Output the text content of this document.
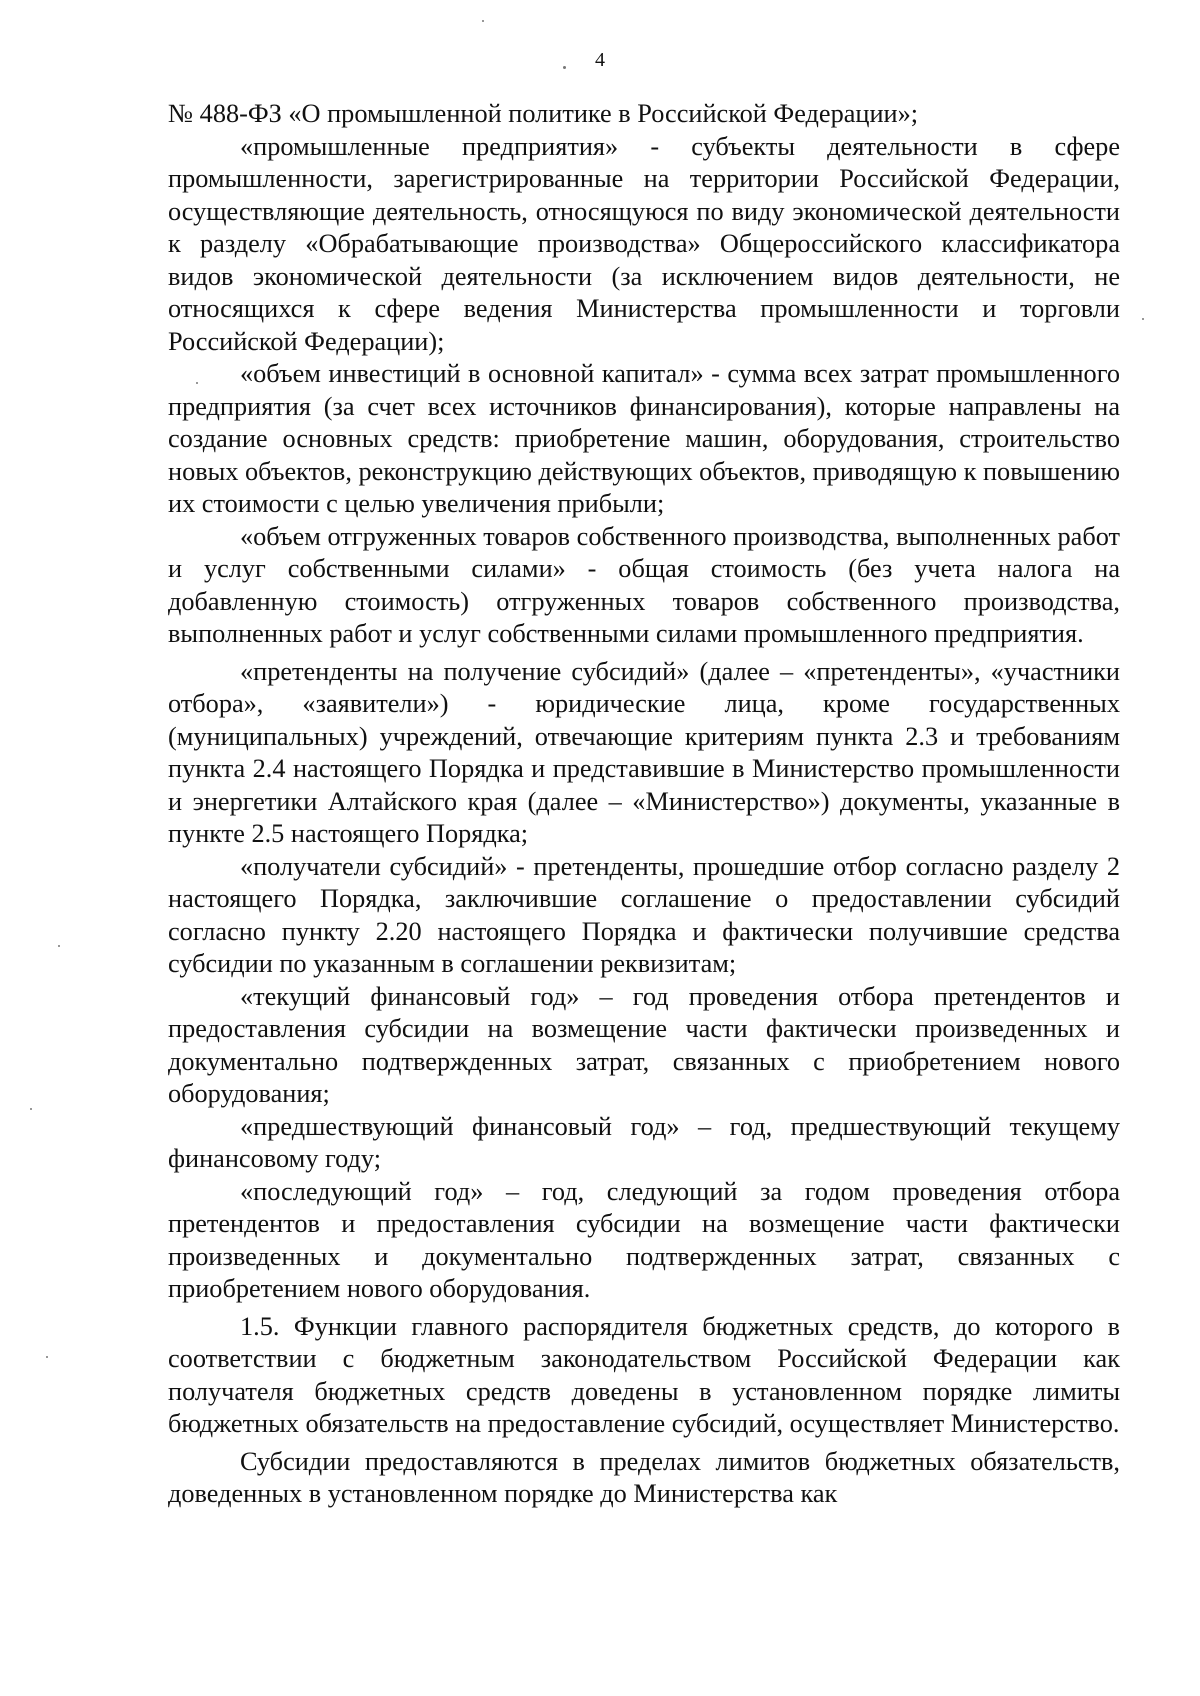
4

№ 488-ФЗ «О промышленной политике в Российской Федерации»;

«промышленные предприятия» - субъекты деятельности в сфере промышленности, зарегистрированные на территории Российской Федерации, осуществляющие деятельность, относящуюся по виду экономической деятельности к разделу «Обрабатывающие производства» Общероссийского классификатора видов экономической деятельности (за исключением видов деятельности, не относящихся к сфере ведения Министерства промышленности и торговли Российской Федерации);

«объем инвестиций в основной капитал» - сумма всех затрат промышленного предприятия (за счет всех источников финансирования), которые направлены на создание основных средств: приобретение машин, оборудования, строительство новых объектов, реконструкцию действующих объектов, приводящую к повышению их стоимости с целью увеличения прибыли;

«объем отгруженных товаров собственного производства, выполненных работ и услуг собственными силами» - общая стоимость (без учета налога на добавленную стоимость) отгруженных товаров собственного производства, выполненных работ и услуг собственными силами промышленного предприятия.

«претенденты на получение субсидий» (далее – «претенденты», «участники отбора», «заявители») - юридические лица, кроме государственных (муниципальных) учреждений, отвечающие критериям пункта 2.3 и требованиям пункта 2.4 настоящего Порядка и представившие в Министерство промышленности и энергетики Алтайского края (далее – «Министерство») документы, указанные в пункте 2.5 настоящего Порядка;

«получатели субсидий» - претенденты, прошедшие отбор согласно разделу 2 настоящего Порядка, заключившие соглашение о предоставлении субсидий согласно пункту 2.20 настоящего Порядка и фактически получившие средства субсидии по указанным в соглашении реквизитам;

«текущий финансовый год» – год проведения отбора претендентов и предоставления субсидии на возмещение части фактически произведенных и документально подтвержденных затрат, связанных с приобретением нового оборудования;

«предшествующий финансовый год» – год, предшествующий текущему финансовому году;

«последующий год» – год, следующий за годом проведения отбора претендентов и предоставления субсидии на возмещение части фактически произведенных и документально подтвержденных затрат, связанных с приобретением нового оборудования.

1.5. Функции главного распорядителя бюджетных средств, до которого в соответствии с бюджетным законодательством Российской Федерации как получателя бюджетных средств доведены в установленном порядке лимиты бюджетных обязательств на предоставление субсидий, осуществляет Министерство.

Субсидии предоставляются в пределах лимитов бюджетных обязательств, доведенных в установленном порядке до Министерства как
